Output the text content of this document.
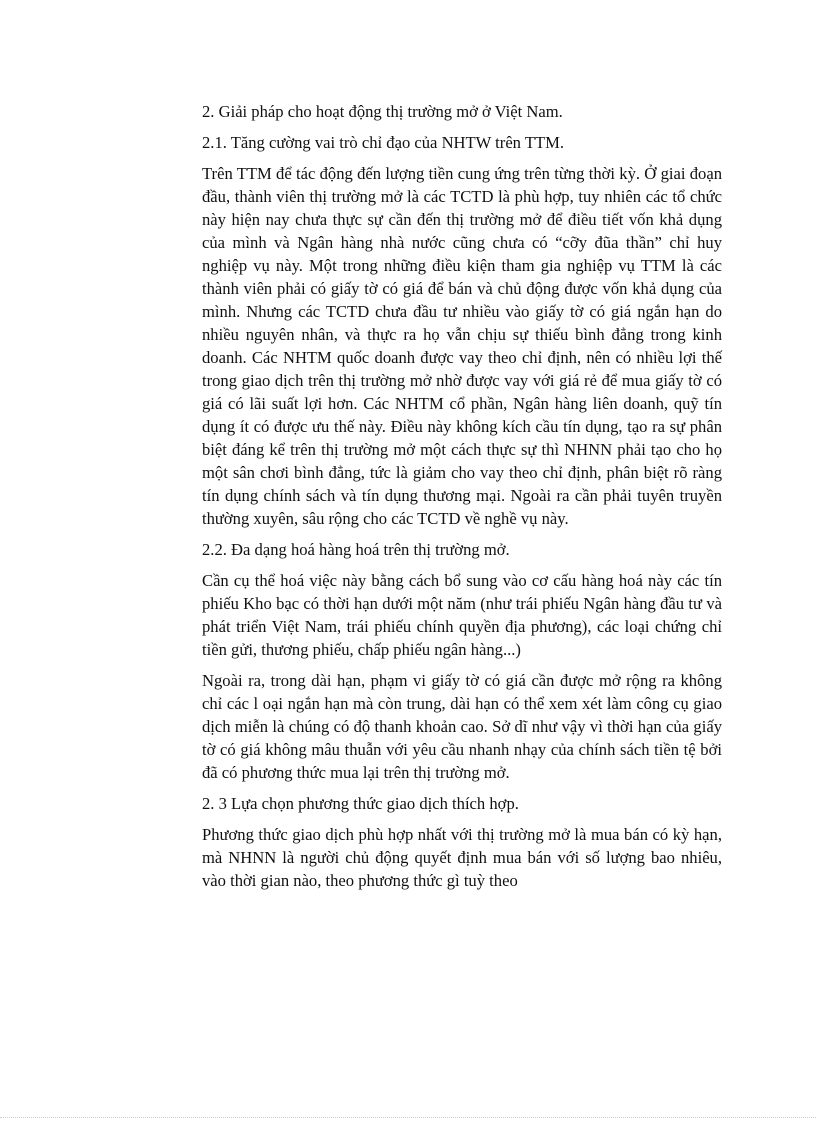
2. Giải pháp cho hoạt động thị trường mở ở Việt Nam.

2.1. Tăng cường vai trò chỉ đạo của NHTW trên TTM.

Trên TTM để tác động đến lượng tiền cung ứng trên từng thời kỳ. Ở giai đoạn đầu, thành viên thị trường mở là các TCTD là phù hợp, tuy nhiên các tổ chức này hiện nay chưa thực sự cần đến thị trường mở để điều tiết vốn khả dụng của mình và Ngân hàng nhà nước cũng chưa có “cỡy đũa thần” chỉ huy nghiệp vụ này. Một trong những điều kiện tham gia nghiệp vụ TTM là các thành viên phải có giấy tờ có giá để bán và chủ động được vốn khả dụng của mình. Nhưng các TCTD chưa đầu tư nhiều vào giấy tờ có giá ngắn hạn do nhiều nguyên nhân, và thực ra họ vẫn chịu sự thiếu bình đẳng trong kinh doanh. Các NHTM quốc doanh được vay theo chỉ định, nên có nhiều lợi thế trong giao dịch trên thị trường mở nhờ được vay với giá rẻ để mua giấy tờ có giá có lãi suất lợi hơn. Các NHTM cổ phần, Ngân hàng liên doanh, quỹ tín dụng ít có được ưu thế này. Điều này không kích cầu tín dụng, tạo ra sự phân biệt đáng kể trên thị trường mở một cách thực sự thì NHNN phải tạo cho họ một sân chơi bình đẳng, tức là giảm cho vay theo chỉ định, phân biệt rõ ràng tín dụng chính sách và tín dụng thương mại. Ngoài ra cần phải tuyên truyền thường xuyên, sâu rộng cho các TCTD về nghề vụ này.

2.2. Đa dạng hoá hàng hoá trên thị trường mở.

Cần cụ thể hoá việc này bằng cách bổ sung vào cơ cấu hàng hoá này các tín phiếu Kho bạc có thời hạn dưới một năm (như trái phiếu Ngân hàng đầu tư và phát triển Việt Nam, trái phiếu chính quyền địa phương), các loại chứng chỉ tiền gửi, thương phiếu, chấp phiếu ngân hàng...)

Ngoài ra, trong dài hạn, phạm vi giấy tờ có giá cần được mở rộng ra không chỉ các l oại ngắn hạn mà còn trung, dài hạn có thể xem xét làm công cụ giao dịch miễn là chúng có độ thanh khoản cao. Sở dĩ như vậy vì thời hạn của giấy tờ có giá không mâu thuẫn với yêu cầu nhanh nhạy của chính sách tiền tệ bởi đã có phương thức mua lại trên thị trường mở.

2. 3 Lựa chọn phương thức giao dịch thích hợp.

Phương thức giao dịch phù hợp nhất với thị trường mở là mua bán có kỳ hạn, mà NHNN là người chủ động quyết định mua bán với số lượng bao nhiêu, vào thời gian nào, theo phương thức gì tuỳ theo
